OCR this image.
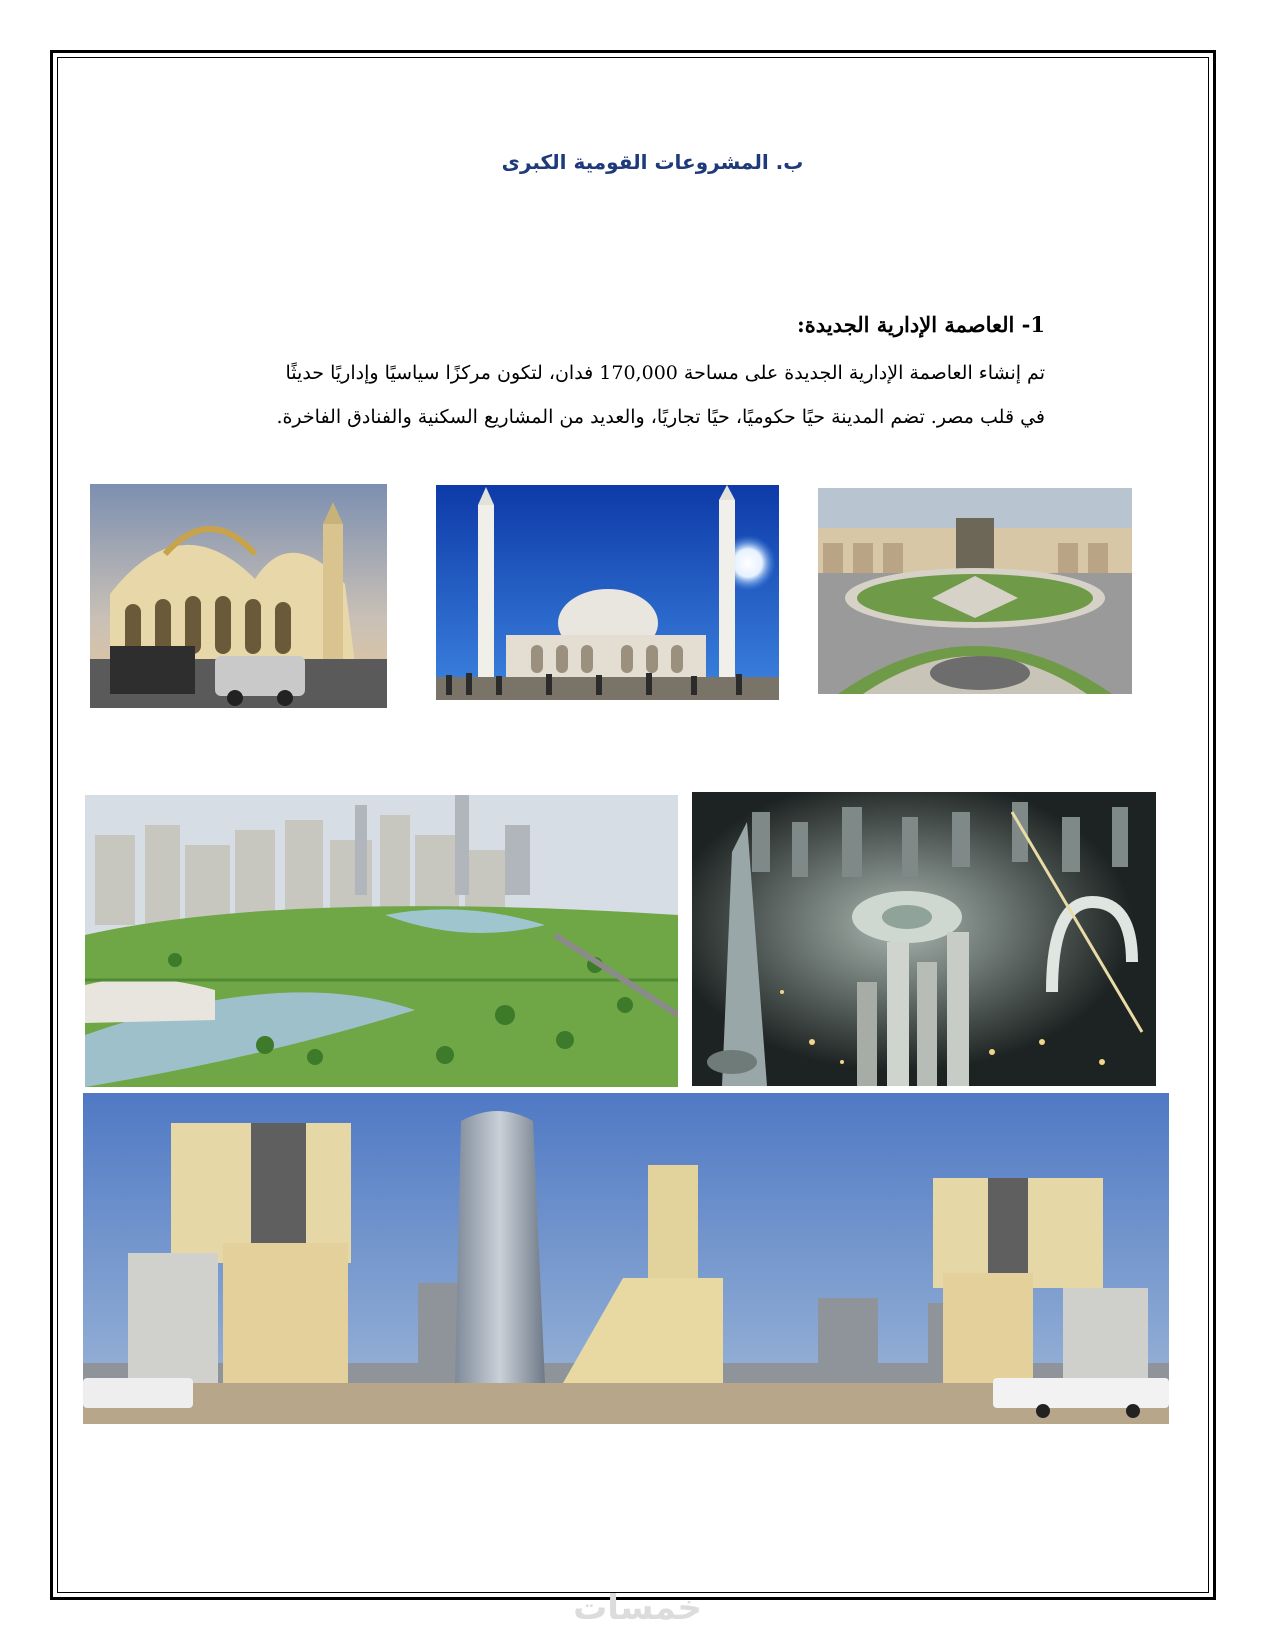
ب. المشروعات القومية الكبرى

1- العاصمة الإدارية الجديدة:

تم إنشاء العاصمة الإدارية الجديدة على مساحة 170,000 فدان، لتكون مركزًا سياسيًا وإداريًا حديثًا
في قلب مصر. تضم المدينة حيًا حكوميًا، حيًا تجاريًا، والعديد من المشاريع السكنية والفنادق الفاخرة.

خمسات
